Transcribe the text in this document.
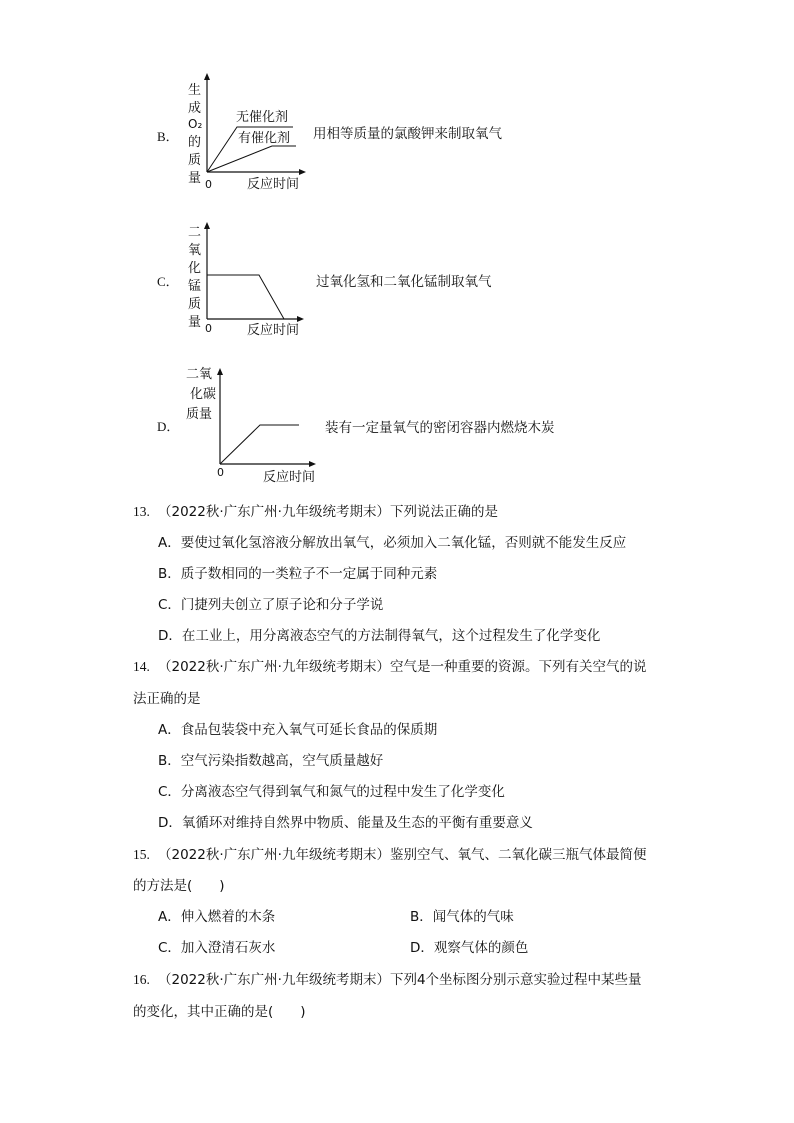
B．
生
成
O₂
的
质
量 0	反应时间
无催化剂
有催化剂 用相等质量的氯酸钾来制取氧气
C．
二
氧
化
锰
质
量 0	反应时间
过氧化氢和二氧化锰制取氧气
D．
二氧
化碳
质量
0	反应时间
装有一定量氧气的密闭容器内燃烧木炭
13. （2022秋·广东广州·九年级统考期末）下列说法正确的是
A．要使过氧化氢溶液分解放出氧气，必须加入二氧化锰，否则就不能发生反应
B．质子数相同的一类粒子不一定属于同种元素
C．门捷列夫创立了原子论和分子学说
D．在工业上，用分离液态空气的方法制得氧气，这个过程发生了化学变化
14. （2022秋·广东广州·九年级统考期末）空气是一种重要的资源。下列有关空气的说
法正确的是
A．食品包装袋中充入氧气可延长食品的保质期
B．空气污染指数越高，空气质量越好
C．分离液态空气得到氧气和氮气的过程中发生了化学变化
D．氧循环对维持自然界中物质、能量及生态的平衡有重要意义
15. （2022秋·广东广州·九年级统考期末）鉴别空气、氧气、二氧化碳三瓶气体最简便
的方法是(　　)
A．伸入燃着的木条	B．闻气体的气味
C．加入澄清石灰水	D．观察气体的颜色
16. （2022秋·广东广州·九年级统考期末）下列4个坐标图分别示意实验过程中某些量
的变化，其中正确的是(　　)
